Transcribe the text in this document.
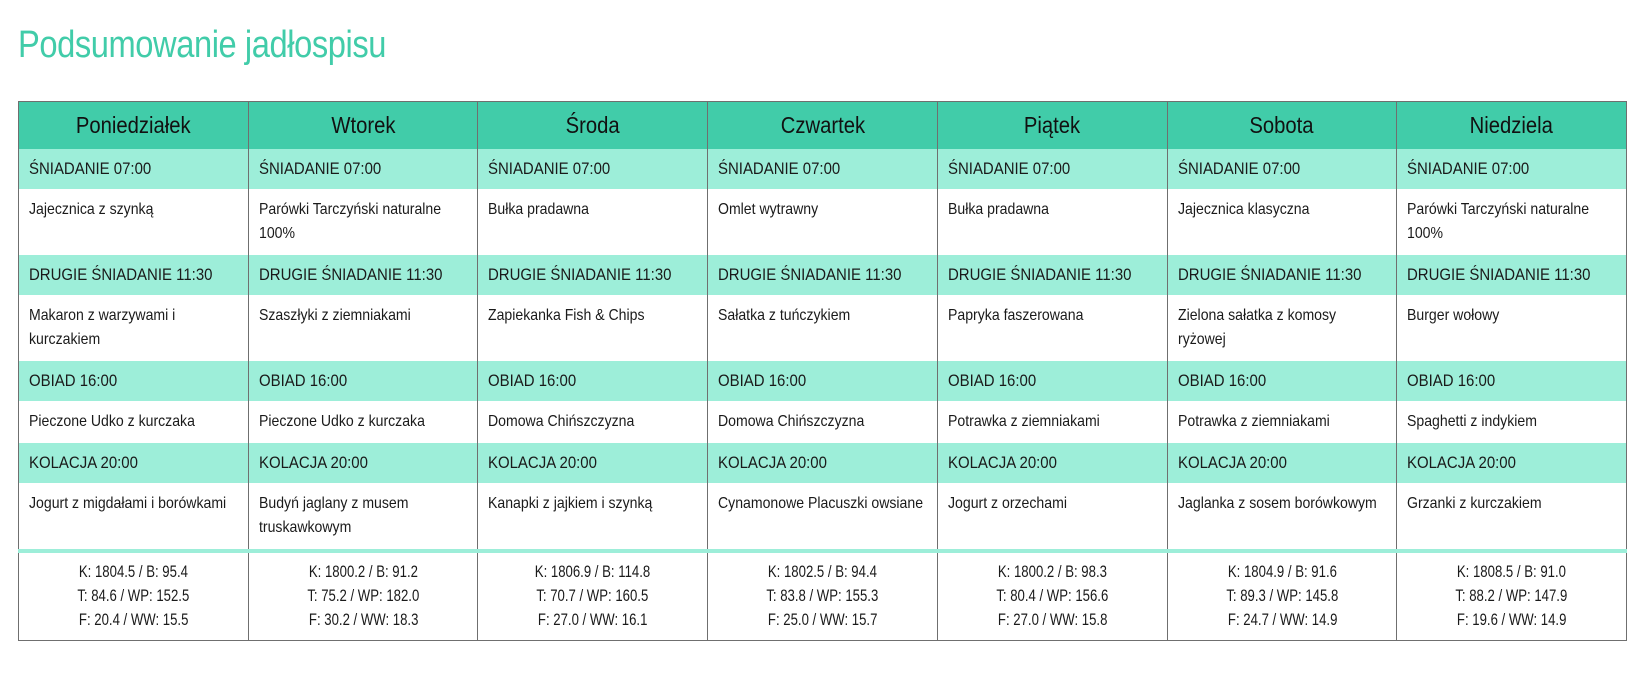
Podsumowanie jadłospisu
Poniedziałek	Wtorek	Środa	Czwartek	Piątek	Sobota	Niedziela
ŚNIADANIE 07:00	ŚNIADANIE 07:00	ŚNIADANIE 07:00	ŚNIADANIE 07:00	ŚNIADANIE 07:00	ŚNIADANIE 07:00	ŚNIADANIE 07:00
Jajecznica z szynką	Parówki Tarczyński naturalne 100%	Bułka pradawna	Omlet wytrawny	Bułka pradawna	Jajecznica klasyczna	Parówki Tarczyński naturalne 100%
DRUGIE ŚNIADANIE 11:30	DRUGIE ŚNIADANIE 11:30	DRUGIE ŚNIADANIE 11:30	DRUGIE ŚNIADANIE 11:30	DRUGIE ŚNIADANIE 11:30	DRUGIE ŚNIADANIE 11:30	DRUGIE ŚNIADANIE 11:30
Makaron z warzywami i kurczakiem	Szaszłyki z ziemniakami	Zapiekanka Fish & Chips	Sałatka z tuńczykiem	Papryka faszerowana	Zielona sałatka z komosy ryżowej	Burger wołowy
OBIAD 16:00	OBIAD 16:00	OBIAD 16:00	OBIAD 16:00	OBIAD 16:00	OBIAD 16:00	OBIAD 16:00
Pieczone Udko z kurczaka	Pieczone Udko z kurczaka	Domowa Chińszczyzna	Domowa Chińszczyzna	Potrawka z ziemniakami	Potrawka z ziemniakami	Spaghetti z indykiem
KOLACJA 20:00	KOLACJA 20:00	KOLACJA 20:00	KOLACJA 20:00	KOLACJA 20:00	KOLACJA 20:00	KOLACJA 20:00
Jogurt z migdałami i borówkami	Budyń jaglany z musem truskawkowym	Kanapki z jajkiem i szynką	Cynamonowe Placuszki owsiane	Jogurt z orzechami	Jaglanka z sosem borówkowym	Grzanki z kurczakiem
K: 1804.5 / B: 95.4 T: 84.6 / WP: 152.5 F: 20.4 / WW: 15.5	K: 1800.2 / B: 91.2 T: 75.2 / WP: 182.0 F: 30.2 / WW: 18.3	K: 1806.9 / B: 114.8 T: 70.7 / WP: 160.5 F: 27.0 / WW: 16.1	K: 1802.5 / B: 94.4 T: 83.8 / WP: 155.3 F: 25.0 / WW: 15.7	K: 1800.2 / B: 98.3 T: 80.4 / WP: 156.6 F: 27.0 / WW: 15.8	K: 1804.9 / B: 91.6 T: 89.3 / WP: 145.8 F: 24.7 / WW: 14.9	K: 1808.5 / B: 91.0 T: 88.2 / WP: 147.9 F: 19.6 / WW: 14.9
